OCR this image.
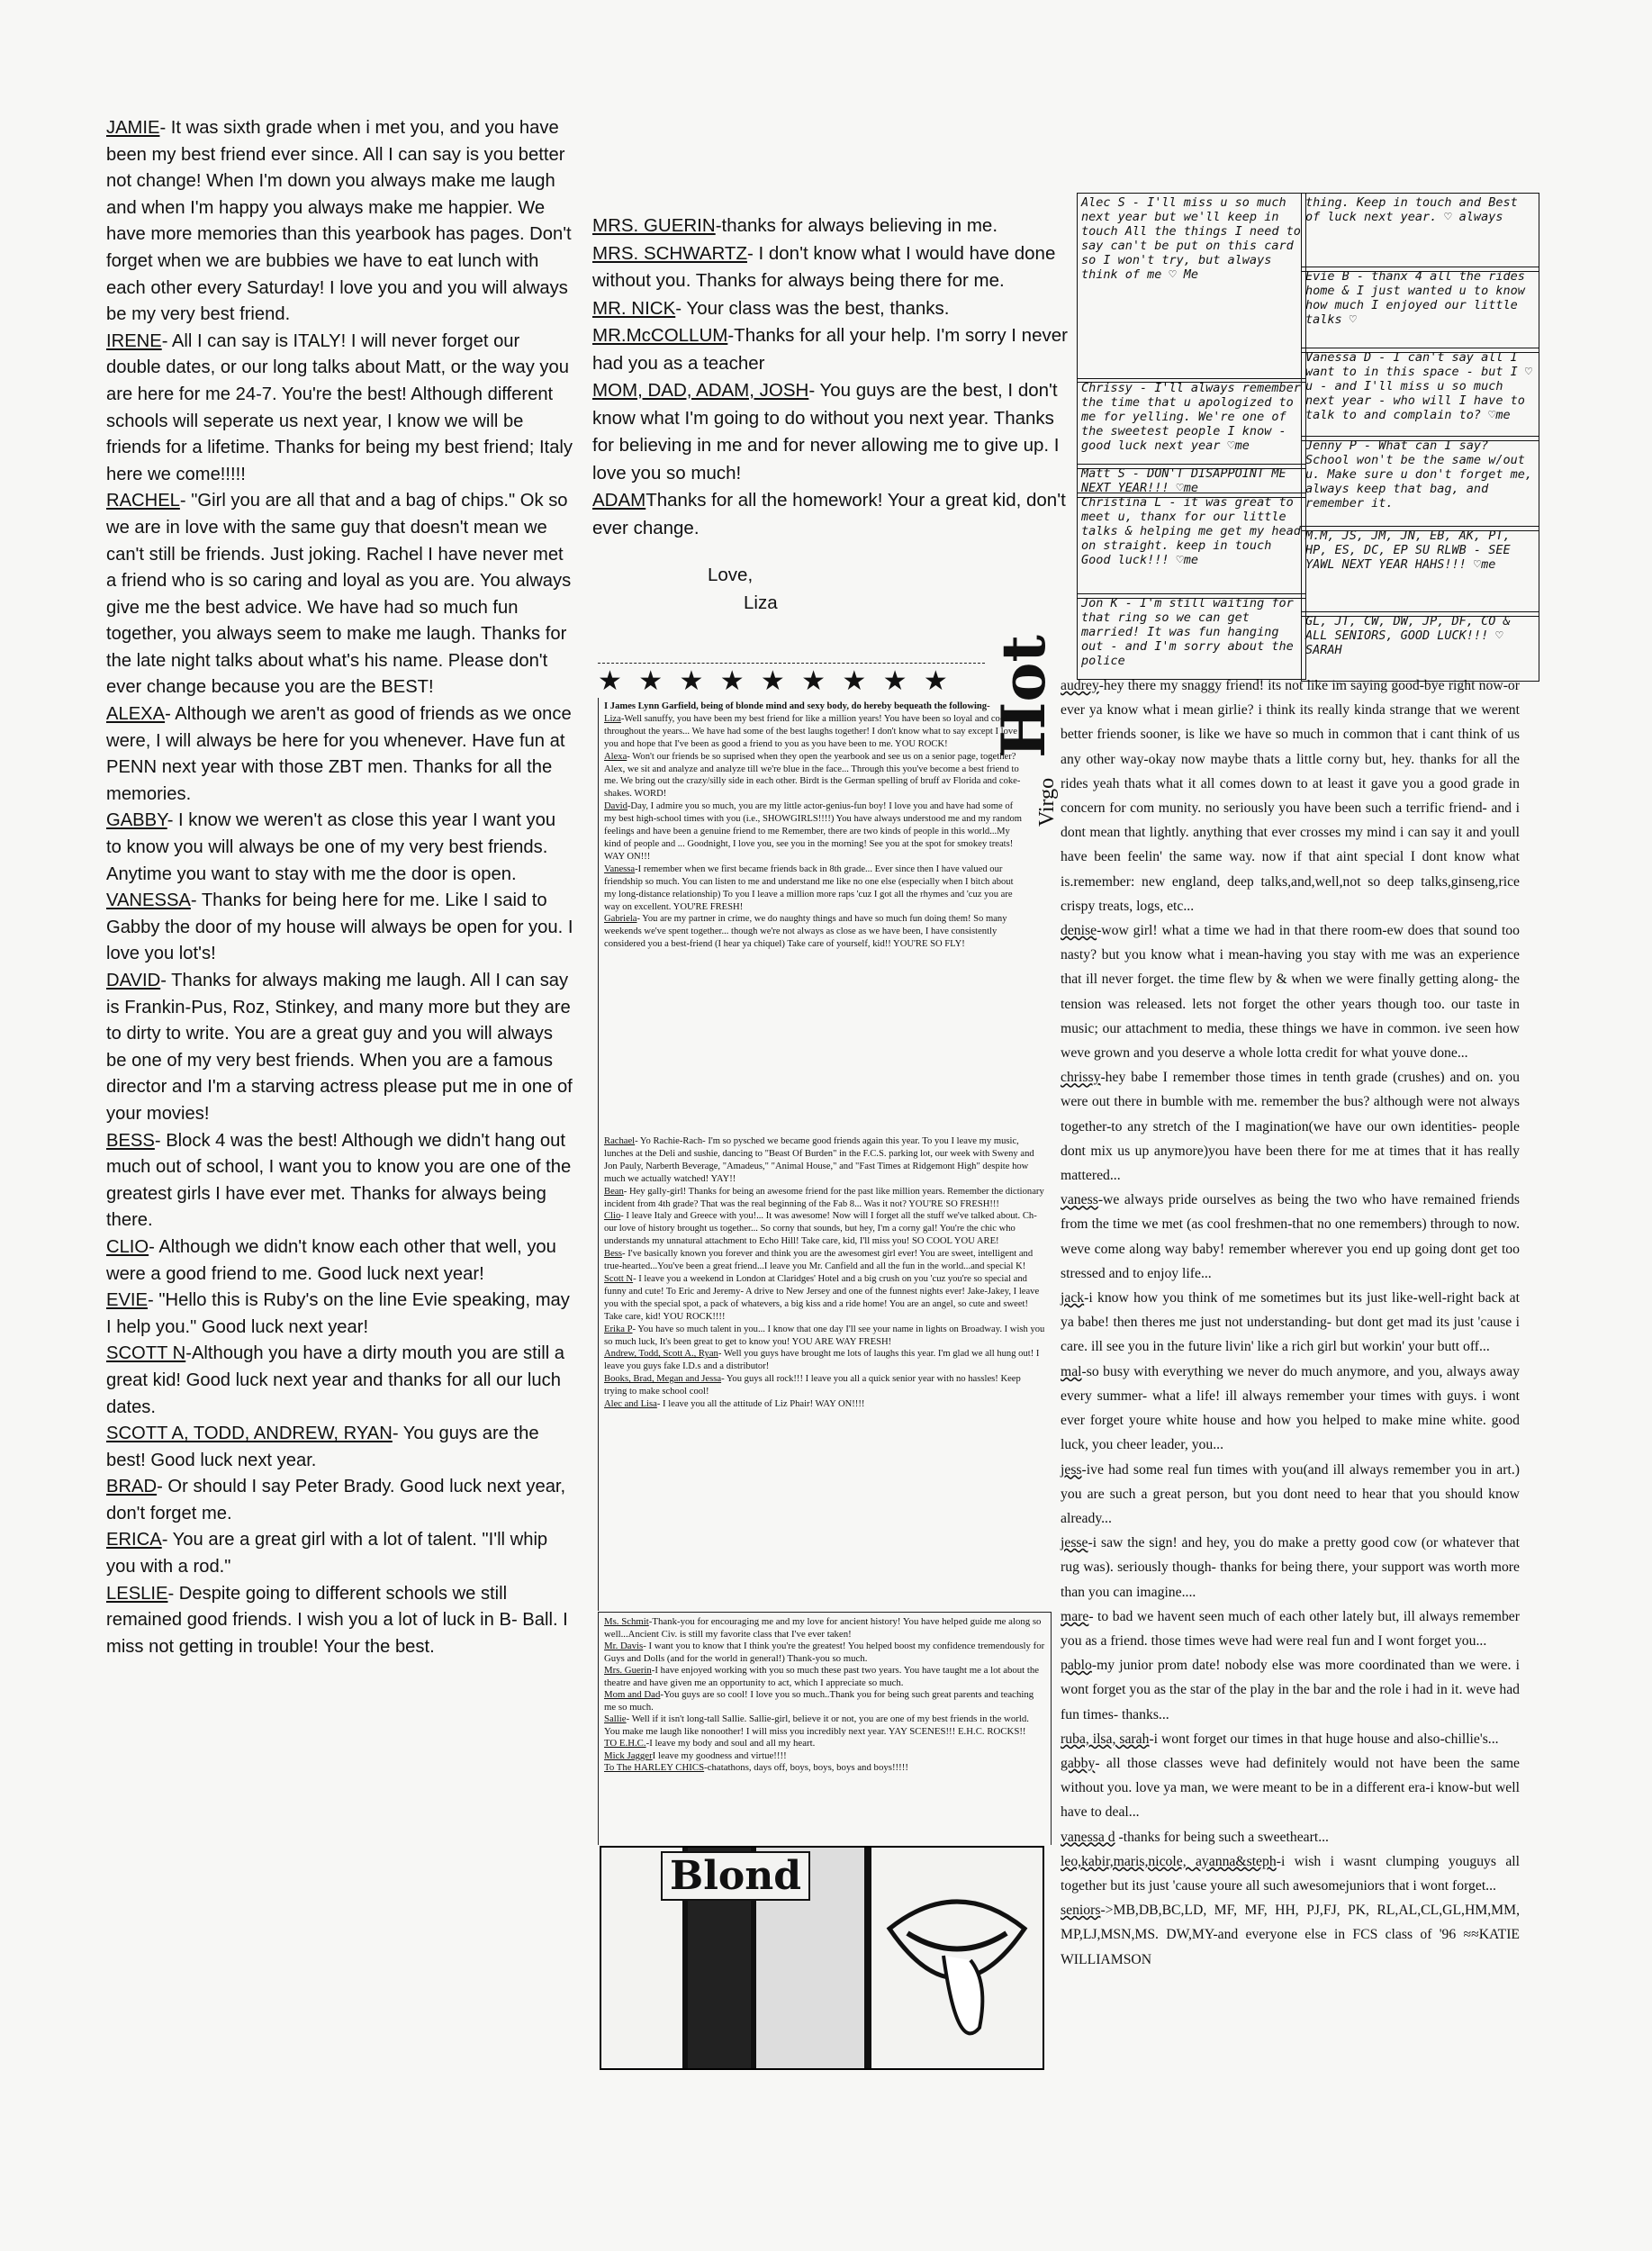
JAMIE- It was sixth grade when i met you, and you have been my best friend ever since. All I can say is you better not change! When I'm down you always make me laugh and when I'm happy you always make me happier. We have more memories than this yearbook has pages. Don't forget when we are bubbies we have to eat lunch with each other every Saturday! I love you and you will always be my very best friend.

IRENE- All I can say is ITALY! I will never forget our double dates, or our long talks about Matt, or the way you are here for me 24-7. You're the best! Although different schools will seperate us next year, I know we will be friends for a lifetime. Thanks for being my best friend; Italy here we come!!!!!

RACHEL- "Girl you are all that and a bag of chips." Ok so we are in love with the same guy that doesn't mean we can't still be friends. Just joking. Rachel I have never met a friend who is so caring and loyal as you are. You always give me the best advice. We have had so much fun together, you always seem to make me laugh. Thanks for the late night talks about what's his name. Please don't ever change because you are the BEST!

ALEXA- Although we aren't as good of friends as we once were, I will always be here for you whenever. Have fun at PENN next year with those ZBT men. Thanks for all the memories.

GABBY- I know we weren't as close this year I want you to know you will always be one of my very best friends. Anytime you want to stay with me the door is open.

VANESSA- Thanks for being here for me. Like I said to Gabby the door of my house will always be open for you. I love you lot's!

DAVID- Thanks for always making me laugh. All I can say is Frankin-Pus, Roz, Stinkey, and many more but they are to dirty to write. You are a great guy and you will always be one of my very best friends. When you are a famous director and I'm a starving actress please put me in one of your movies!

BESS- Block 4 was the best! Although we didn't hang out much out of school, I want you to know you are one of the greatest girls I have ever met. Thanks for always being there.

CLIO- Although we didn't know each other that well, you were a good friend to me. Good luck next year!

EVIE- "Hello this is Ruby's on the line Evie speaking, may I help you." Good luck next year!

SCOTT N-Although you have a dirty mouth you are still a great kid! Good luck next year and thanks for all our luch dates.

SCOTT A, TODD, ANDREW, RYAN- You guys are the best! Good luck next year.

BRAD- Or should I say Peter Brady. Good luck next year, don't forget me.

ERICA- You are a great girl with a lot of talent. "I'll whip you with a rod."

LESLIE- Despite going to different schools we still remained good friends. I wish you a lot of luck in B- Ball. I miss not getting in trouble! Your the best.

MRS. GUERIN-thanks for always believing in me.

MRS. SCHWARTZ- I don't know what I would have done without you. Thanks for always being there for me.

MR. NICK- Your class was the best, thanks.

MR.McCOLLUM-Thanks for all your help. I'm sorry I never had you as a teacher

MOM, DAD, ADAM, JOSH- You guys are the best, I don't know what I'm going to do without you next year. Thanks for believing in me and for never allowing me to give up. I love you so much!

ADAMThanks for all the homework! Your a great kid, don't ever change.

Love,

Liza

★ ★ ★ ★ ★ ★ ★ ★ ★ Hot
Virgo

I James Lynn Garfield, being of blonde mind and sexy body, do hereby bequeath the following-

Liza-Well sanuffy, you have been my best friend for like a million years! You have been so loyal and cool throughout the years... We have had some of the best laughs together! I don't know what to say except I love you and hope that I've been as good a friend to you as you have been to me. YOU ROCK!

Alexa- Won't our friends be so suprised when they open the yearbook and see us on a senior page, together? Alex, we sit and analyze and analyze till we're blue in the face... Through this you've become a best friend to me. We bring out the crazy/silly side in each other. Birdt is the German spelling of bruff av Florida and coke-shakes. WORD!

David-Day, I admire you so much, you are my little actor-genius-fun boy! I love you and have had some of my best high-school times with you (i.e., SHOWGIRLS!!!!) You have always understood me and my random feelings and have been a genuine friend to me Remember, there are two kinds of people in this world...My kind of people and ... Goodnight, I love you, see you in the morning! See you at the spot for smokey treats! WAY ON!!!

Vanessa-I remember when we first became friends back in 8th grade... Ever since then I have valued our friendship so much. You can listen to me and understand me like no one else (especially when I bitch about my long-distance relationship) To you I leave a million more raps 'cuz I got all the rhymes and 'cuz you are way on excellent. YOU'RE FRESH!

Gabriela- You are my partner in crime, we do naughty things and have so much fun doing them! So many weekends we've spent together... though we're not always as close as we have been, I have consistently considered you a best-friend (I hear ya chiquel) Take care of yourself, kid!! YOU'RE SO FLY!

Rachael- Yo Rachie-Rach- I'm so pysched we became good friends again this year. To you I leave my music, lunches at the Deli and sushie, dancing to "Beast Of Burden" in the F.C.S. parking lot, our week with Sweny and Jon Pauly, Narberth Beverage, "Amadeus," "Animal House," and "Fast Times at Ridgemont High" despite how much we actually watched! YAY!!

Bean- Hey gally-girl! Thanks for being an awesome friend for the past like million years. Remember the dictionary incident from 4th grade? That was the real beginning of the Fab 8... Was it not? YOU'RE SO FRESH!!!

Clio- I leave Italy and Greece with you!... It was awesome! Now will I forget all the stuff we've talked about. Ch-our love of history brought us together... So corny that sounds, but hey, I'm a corny gal! You're the chic who understands my unnatural attachment to Echo Hill! Take care, kid, I'll miss you! SO COOL YOU ARE!

Bess- I've basically known you forever and think you are the awesomest girl ever! You are sweet, intelligent and true-hearted...You've been a great friend...I leave you Mr. Canfield and all the fun in the world...and special K!

Scott N- I leave you a weekend in London at Claridges' Hotel and a big crush on you 'cuz you're so special and funny and cute! To Eric and Jeremy- A drive to New Jersey and one of the funnest nights ever! Jake-Jakey, I leave you with the special spot, a pack of whatevers, a big kiss and a ride home! You are an angel, so cute and sweet! Take care, kid! YOU ROCK!!!!

Erika P- You have so much talent in you... I know that one day I'll see your name in lights on Broadway. I wish you so much luck, It's been great to get to know you! YOU ARE WAY FRESH!

Andrew, Todd, Scott A., Ryan- Well you guys have brought me lots of laughs this year. I'm glad we all hung out! I leave you guys fake I.D.s and a distributor!

Books, Brad, Megan and Jessa- You guys all rock!!! I leave you all a quick senior year with no hassles! Keep trying to make school cool!

Alec and Lisa- I leave you all the attitude of Liz Phair! WAY ON!!!!

Ms. Schmit-Thank-you for encouraging me and my love for ancient history! You have helped guide me along so well...Ancient Civ. is still my favorite class that I've ever taken!

Mr. Davis- I want you to know that I think you're the greatest! You helped boost my confidence tremendously for Guys and Dolls (and for the world in general!) Thank-you so much.

Mrs. Guerin-I have enjoyed working with you so much these past two years. You have taught me a lot about the theatre and have given me an opportunity to act, which I appreciate so much.

Mom and Dad-You guys are so cool! I love you so much..Thank you for being such great parents and teaching me so much.

Sallie- Well if it isn't long-tall Sallie. Sallie-girl, believe it or not, you are one of my best friends in the world. You make me laugh like nonoother! I will miss you incredibly next year. YAY SCENES!!! E.H.C. ROCKS!!

TO E.H.C.-I leave my body and soul and all my heart.

Mick JaggerI leave my goodness and virtue!!!!

To The HARLEY CHICS-chatathons, days off, boys, boys, boys and boys!!!!!

Blond
Alec S - I'll miss u so much next year but we'll keep in touch All the things I need to say can't be put on this card so I won't try, but always think of me ♡ Me
thing. Keep in touch and Best of luck next year. ♡ always
Evie B - thanx 4 all the rides home & I just wanted u to know how much I enjoyed our little talks ♡
Chrissy - I'll always remember the time that u apologized to me for yelling. We're one of the sweetest people I know - good luck next year ♡me
Vanessa D - I can't say all I want to in this space - but I ♡ u - and I'll miss u so much next year - who will I have to talk to and complain to? ♡me
Matt S - DON'T DISAPPOINT ME NEXT YEAR!!! ♡me
Christina L - it was great to meet u, thanx for our little talks & helping me get my head on straight. keep in touch Good luck!!! ♡me
Jenny P - What can I say? School won't be the same w/out u. Make sure u don't forget me, always keep that bag, and remember it.
M.M, JS, JM, JN, EB, AK, PT, HP, ES, DC, EP SU RLWB - SEE YAWL NEXT YEAR HAHS!!! ♡me
Jon K - I'm still waiting for that ring so we can get married! It was fun hanging out - and I'm sorry about the police
GL, JT, CW, DW, JP, DF, CO & ALL SENIORS, GOOD LUCK!!! ♡ SARAH

audrey-hey there my snaggy friend! its not like im saying good-bye right now-or ever ya know what i mean girlie? i think its really kinda strange that we werent better friends sooner, is like we have so much in common that i cant think of us any other way-okay now maybe thats a little corny but, hey. thanks for all the rides yeah thats what it all comes down to at least it gave you a good grade in concern for com munity. no seriously you have been such a terrific friend- and i dont mean that lightly. anything that ever crosses my mind i can say it and youll have been feelin' the same way. now if that aint special I dont know what is.remember: new england, deep talks,and,well,not so deep talks,ginseng,rice crispy treats, logs, etc...

denise-wow girl! what a time we had in that there room-ew does that sound too nasty? but you know what i mean-having you stay with me was an experience that ill never forget. the time flew by & when we were finally getting along- the tension was released. lets not forget the other years though too. our taste in music; our attachment to media, these things we have in common. ive seen how weve grown and you deserve a whole lotta credit for what youve done...

chrissy-hey babe I remember those times in tenth grade (crushes) and on. you were out there in bumble with me. remember the bus? although were not always together-to any stretch of the I magination(we have our own identities- people dont mix us up anymore)you have been there for me at times that it has really mattered...

vaness-we always pride ourselves as being the two who have remained friends from the time we met (as cool freshmen-that no one remembers) through to now. weve come along way baby! remember wherever you end up going dont get too stressed and to enjoy life...

jack-i know how you think of me sometimes but its just like-well-right back at ya babe! then theres me just not understanding- but dont get mad its just 'cause i care. ill see you in the future livin' like a rich girl but workin' your butt off...

mal-so busy with everything we never do much anymore, and you, always away every summer- what a life! ill always remember your times with guys. i wont ever forget youre white house and how you helped to make mine white. good luck, you cheer leader, you...

jess-ive had some real fun times with you(and ill always remember you in art.) you are such a great person, but you dont need to hear that you should know already...

jesse-i saw the sign! and hey, you do make a pretty good cow (or whatever that rug was). seriously though- thanks for being there, your support was worth more than you can imagine....

mare- to bad we havent seen much of each other lately but, ill always remember you as a friend. those times weve had were real fun and I wont forget you...

pablo-my junior prom date! nobody else was more coordinated than we were. i wont forget you as the star of the play in the bar and the role i had in it. weve had fun times- thanks...

ruba, ilsa, sarah-i wont forget our times in that huge house and also-chillie's...

gabby- all those classes weve had definitely would not have been the same without you. love ya man, we were meant to be in a different era-i know-but well have to deal...

vanessa d -thanks for being such a sweetheart...

leo,kabir,maris,nicole, ayanna&steph-i wish i wasnt clumping youguys all together but its just 'cause youre all such awesomejuniors that i wont forget...

seniors->MB,DB,BC,LD, MF, MF, HH, PJ,FJ, PK, RL,AL,CL,GL,HM,MM, MP,LJ,MSN,MS. DW,MY-and everyone else in FCS class of '96 ≈≈KATIE WILLIAMSON
